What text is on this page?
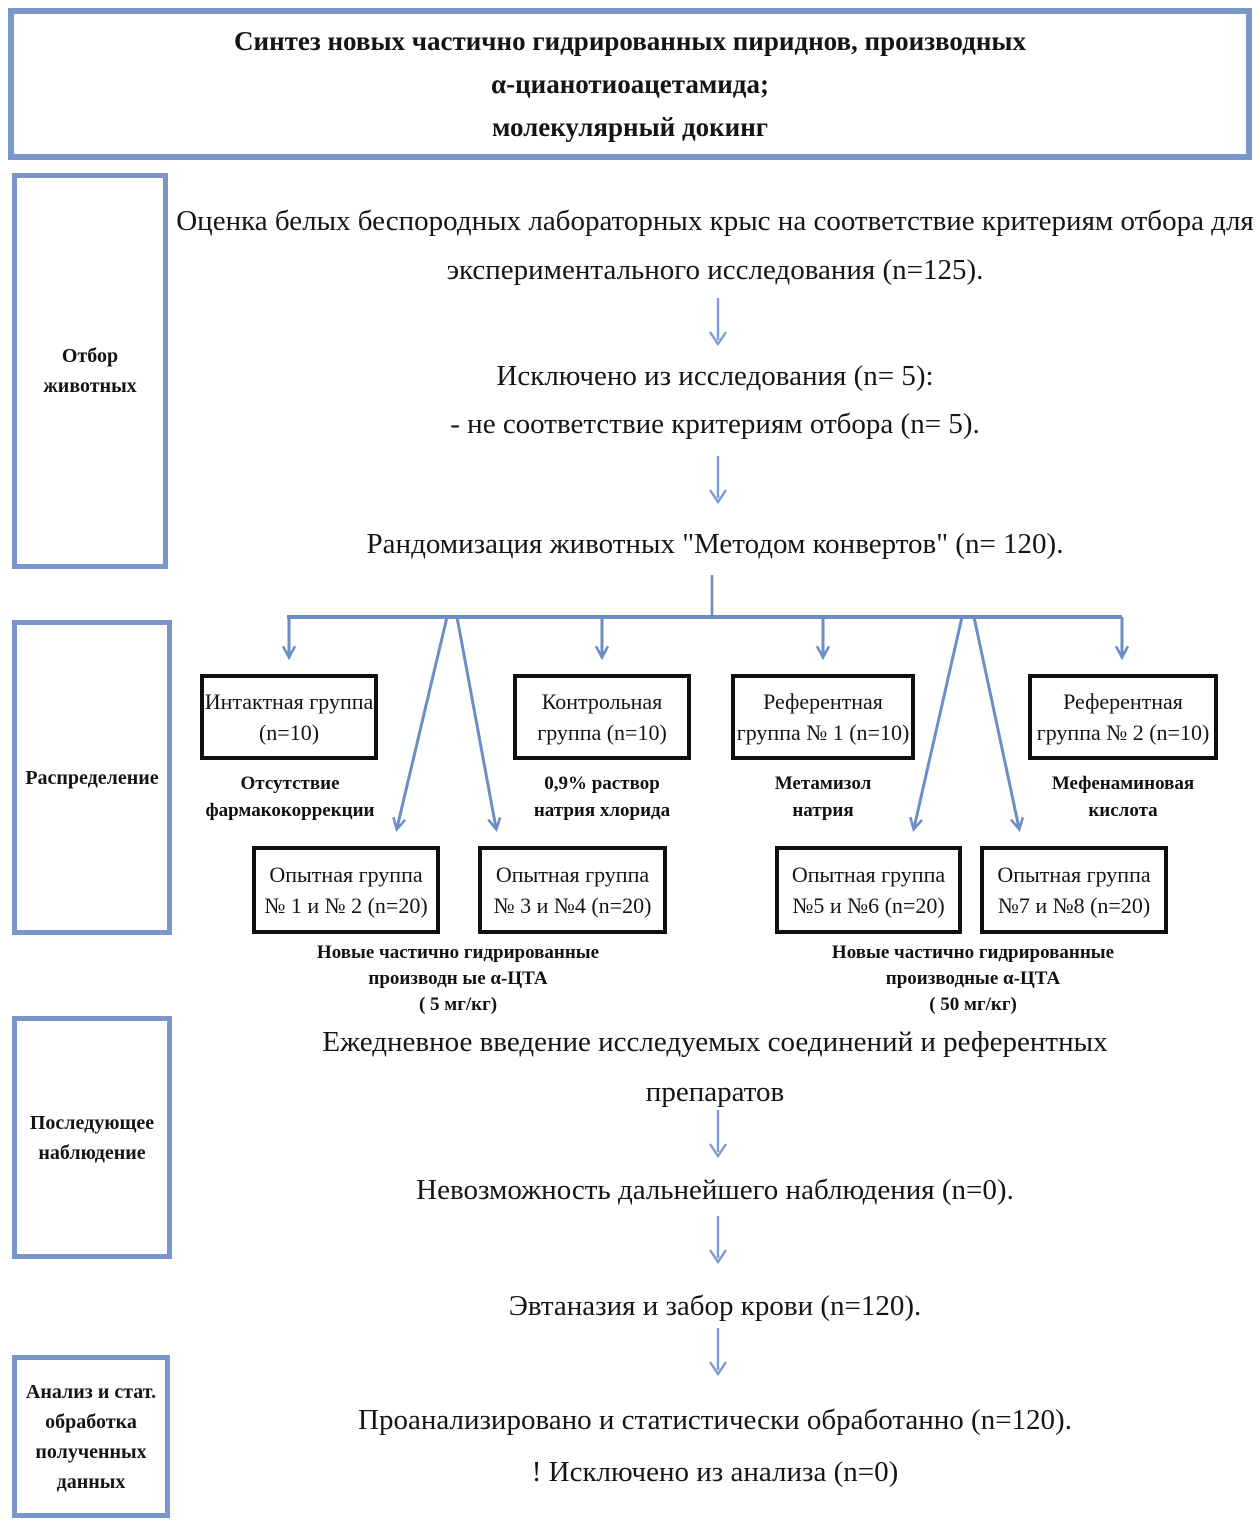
Синтез новых частично гидрированных пириднов, производных
α-цианотиоацетамида;
молекулярный докинг
Отбор животных
Распределение
Последующее наблюдение
Анализ и стат. обработка полученных данных
Оценка белых беспородных лабораторных крыс на соответствие критериям отбора для экспериментального исследования (n=125).
Исключено из исследования (n= 5):
- не соответствие критериям отбора (n= 5).
Рандомизация животных "Методом конвертов" (n= 120).
Интактная группа
(n=10)
Контрольная
группа (n=10)
Референтная
группа № 1 (n=10)
Референтная
группа № 2 (n=10)
Отсутствие фармакокоррекции
0,9% раствор натрия хлорида
Метамизол натрия
Мефенаминовая кислота
Опытная группа
№ 1 и № 2 (n=20)
Опытная группа
№ 3 и №4 (n=20)
Опытная группа
№5 и №6 (n=20)
Опытная группа
№7 и №8 (n=20)
Новые частично гидрированные
производн ые α-ЦТА
( 5 мг/кг)
Новые частично гидрированные
производные α-ЦТА
( 50 мг/кг)
Ежедневное введение исследуемых соединений и референтных
препаратов
Невозможность дальнейшего наблюдения (n=0).
Эвтаназия и забор крови (n=120).
Проанализировано и статистически обработанно (n=120).
! Исключено из анализа (n=0)
